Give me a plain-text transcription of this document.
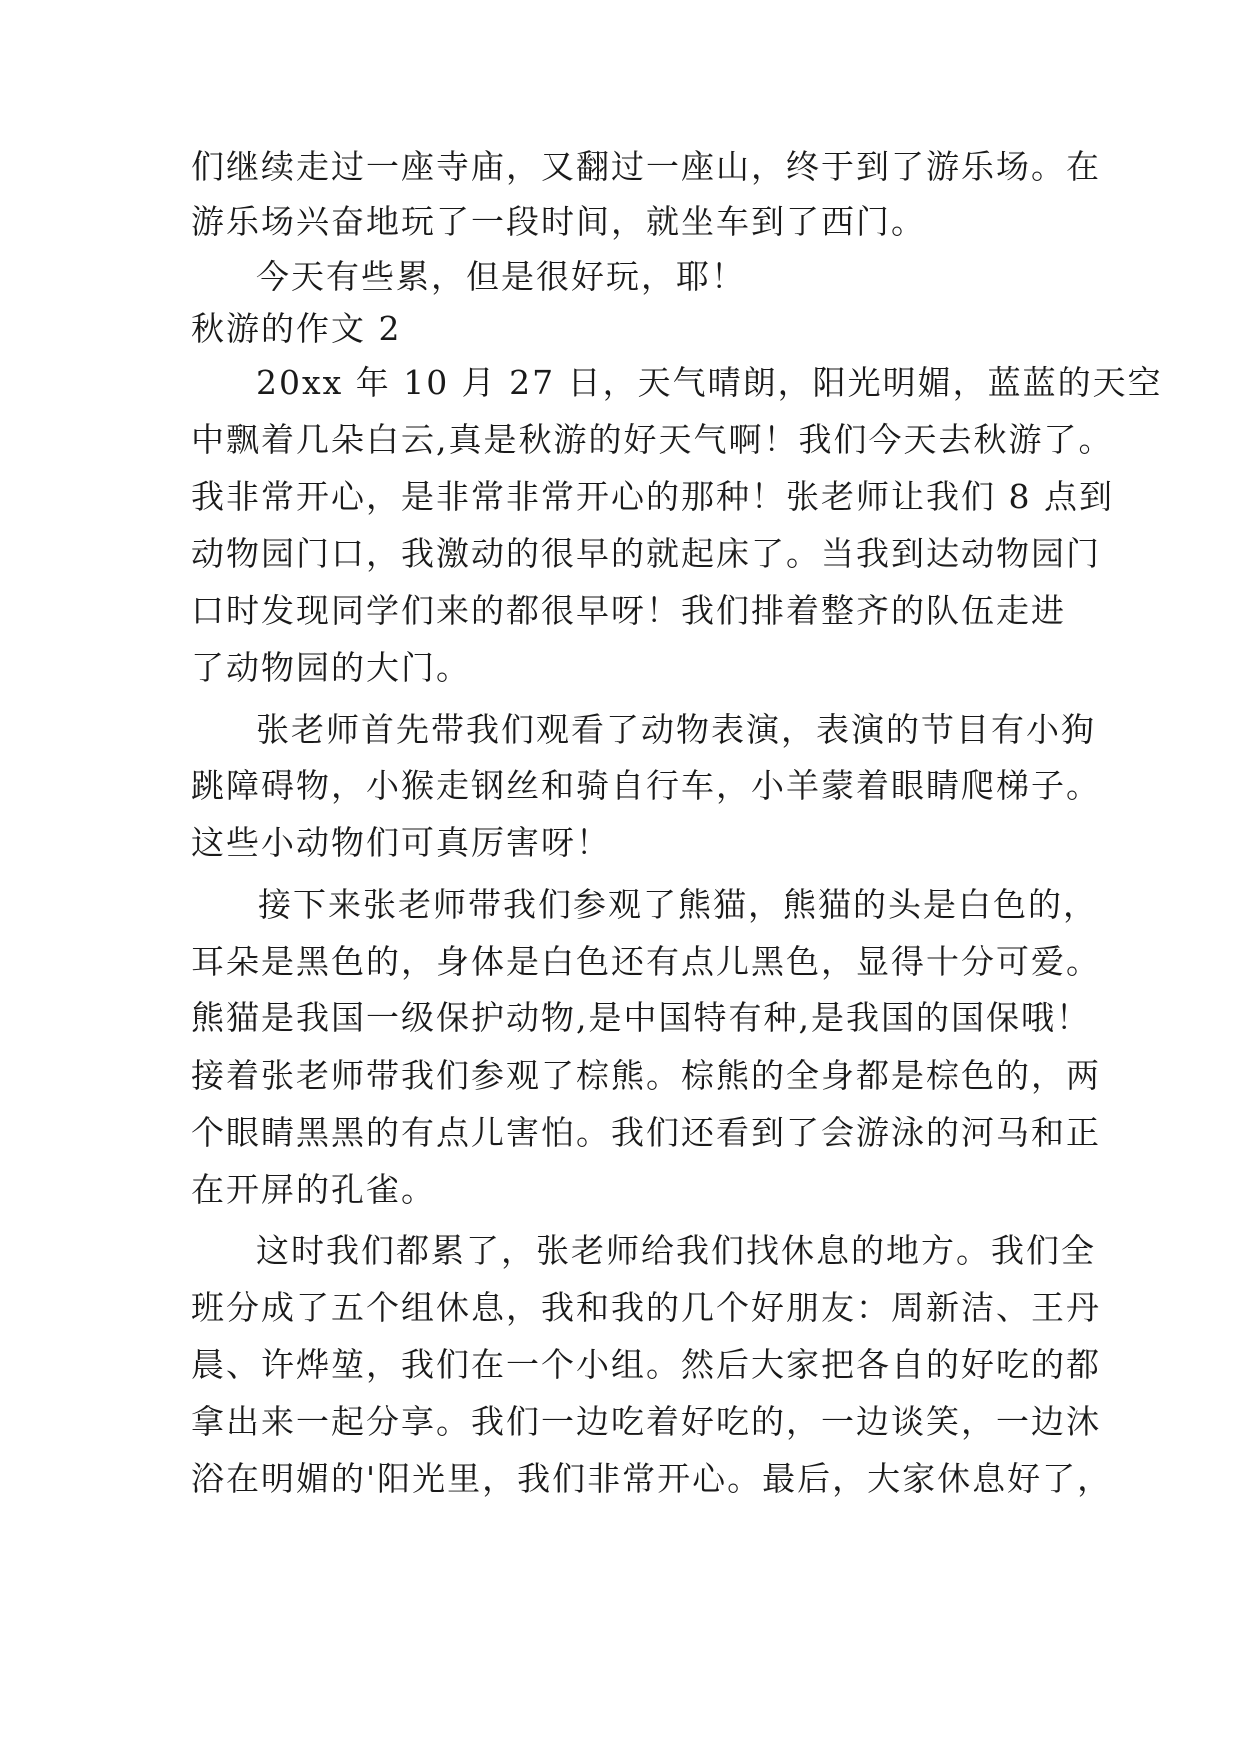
们继续走过一座寺庙，又翻过一座山，终于到了游乐场。在
游乐场兴奋地玩了一段时间，就坐车到了西门。
今天有些累，但是很好玩，耶！
秋游的作文 2
20xx 年 10 月 27 日，天气晴朗，阳光明媚，蓝蓝的天空
中飘着几朵白云,真是秋游的好天气啊！我们今天去秋游了。
我非常开心，是非常非常开心的那种！张老师让我们 8 点到
动物园门口，我激动的很早的就起床了。当我到达动物园门
口时发现同学们来的都很早呀！我们排着整齐的队伍走进
了动物园的大门。
张老师首先带我们观看了动物表演，表演的节目有小狗
跳障碍物，小猴走钢丝和骑自行车，小羊蒙着眼睛爬梯子。
这些小动物们可真厉害呀！
接下来张老师带我们参观了熊猫，熊猫的头是白色的，
耳朵是黑色的，身体是白色还有点儿黑色，显得十分可爱。
熊猫是我国一级保护动物,是中国特有种,是我国的国保哦！
接着张老师带我们参观了棕熊。棕熊的全身都是棕色的，两
个眼睛黑黑的有点儿害怕。我们还看到了会游泳的河马和正
在开屏的孔雀。
这时我们都累了，张老师给我们找休息的地方。我们全
班分成了五个组休息，我和我的几个好朋友：周新洁、王丹
晨、许烨堃，我们在一个小组。然后大家把各自的好吃的都
拿出来一起分享。我们一边吃着好吃的，一边谈笑，一边沐
浴在明媚的'阳光里，我们非常开心。最后，大家休息好了，
